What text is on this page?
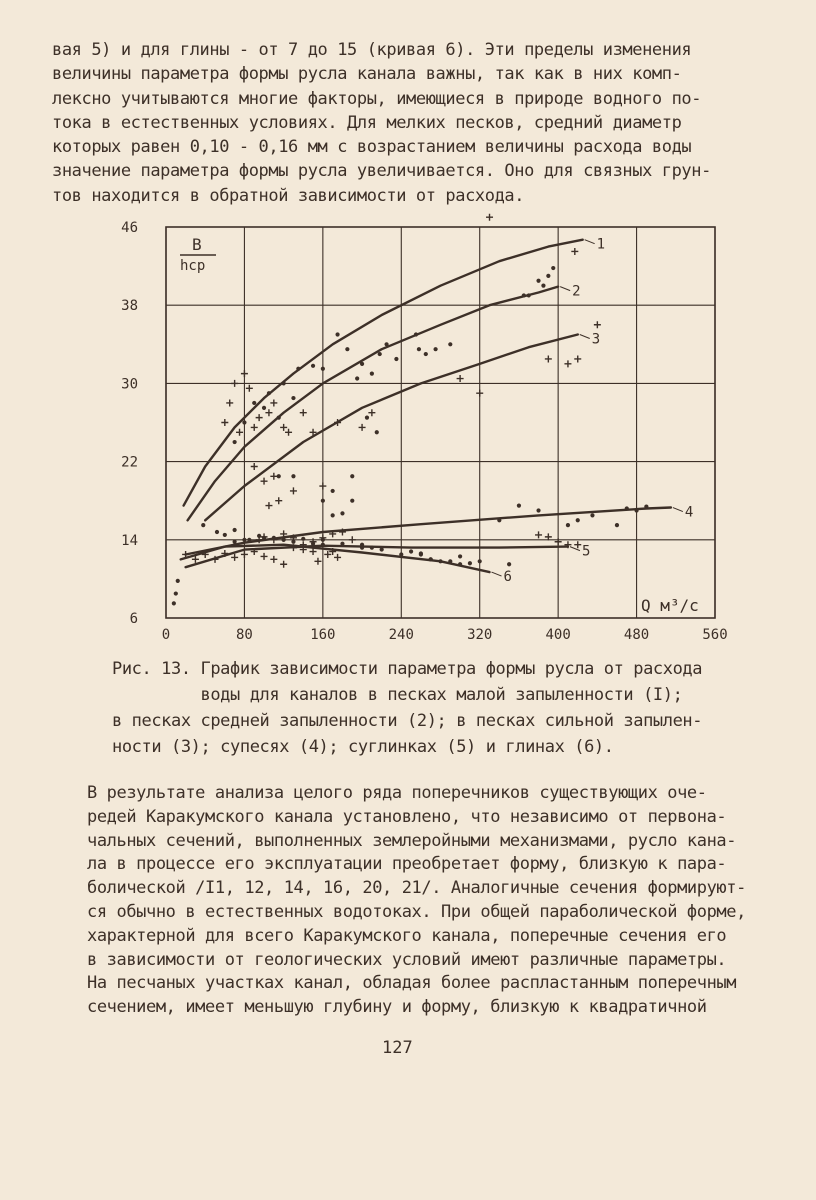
вая 5) и для глины - от 7 до 15 (кривая 6). Эти пределы изменения
величины параметра формы русла канала важны, так как в них комп-
лексно учитываются многие факторы, имеющиеся в природе водного по-
тока в естественных условиях. Для мелких песков, средний диаметр
которых равен 0,10 - 0,16 мм с возрастанием величины расхода воды
значение параметра формы русла увеличивается. Оно для связных грун-
тов находится в обратной зависимости от расхода.
0	80	160	240	320	400	480	560
6
14
22
30
38
46
1
2
3
4
5
6
B
hср
Q м³/с
Рис. 13. График зависимости параметра формы русла от расхода
воды для каналов в песках малой запыленности (I);
в песках средней запыленности (2); в песках сильной запылен-
ности (3); супесях (4); суглинках (5) и глинах (6).
В результате анализа целого ряда поперечников существующих оче-
редей Каракумского канала установлено, что независимо от первона-
чальных сечений, выполненных землеройными механизмами, русло кана-
ла в процессе его эксплуатации преобретает форму, близкую к пара-
болической /I1, 12, 14, 16, 20, 21/. Аналогичные сечения формируют-
ся обычно в естественных водотоках. При общей параболической форме,
характерной для всего Каракумского канала, поперечные сечения его
в зависимости от геологических условий имеют различные параметры.
На песчаных участках канал, обладая более распластанным поперечным
сечением, имеет меньшую глубину и форму, близкую к квадратичной
127
